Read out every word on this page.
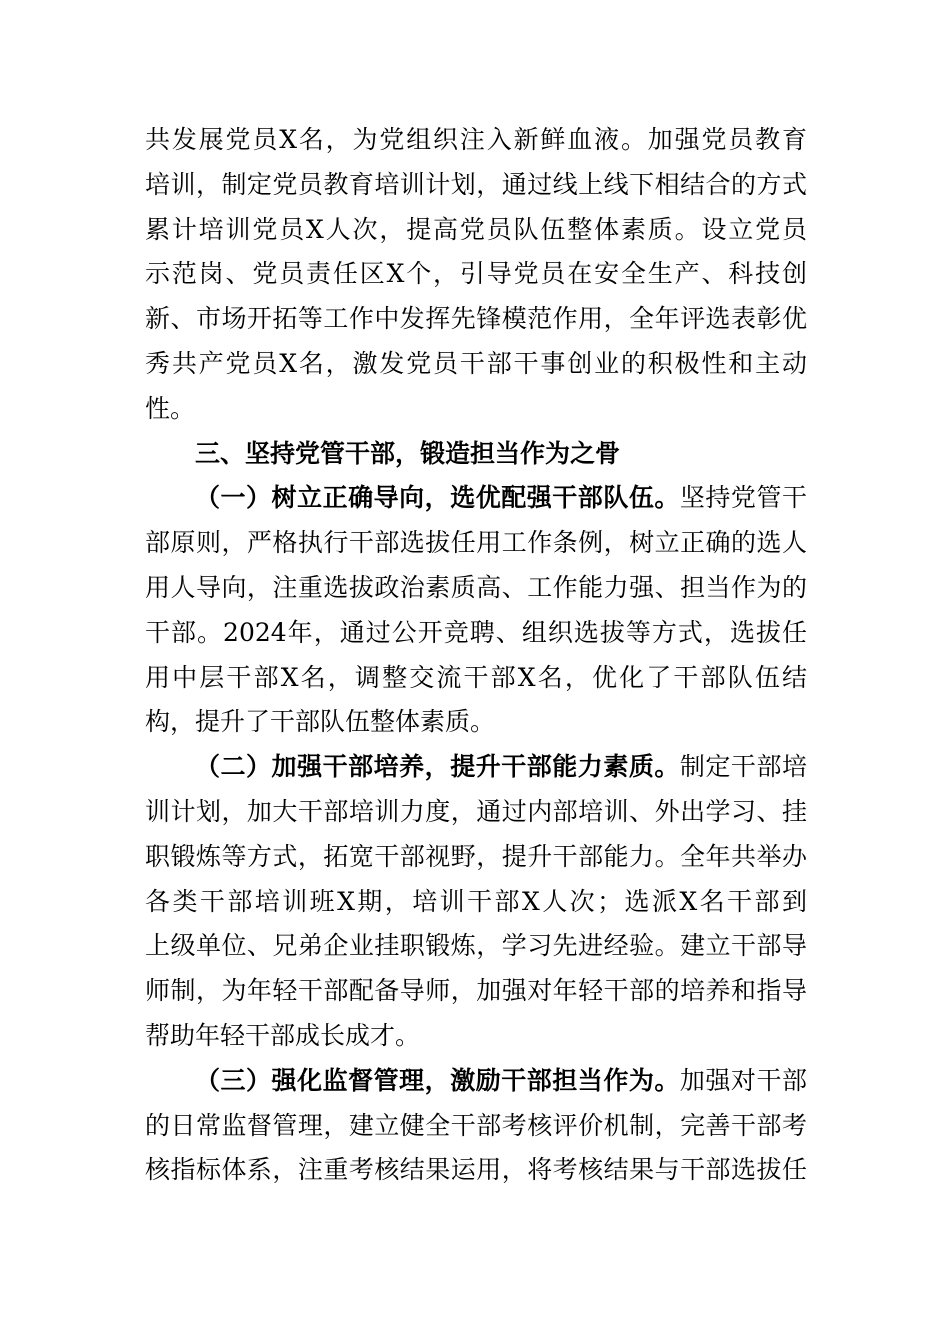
共发展党员X名，为党组织注入新鲜血液。加强党员教育
培训，制定党员教育培训计划，通过线上线下相结合的方式
累计培训党员X人次，提高党员队伍整体素质。设立党员
示范岗、党员责任区X个，引导党员在安全生产、科技创
新、市场开拓等工作中发挥先锋模范作用，全年评选表彰优
秀共产党员X名，激发党员干部干事创业的积极性和主动
性。
三、坚持党管干部，锻造担当作为之骨
（一）树立正确导向，选优配强干部队伍。坚持党管干
部原则，严格执行干部选拔任用工作条例，树立正确的选人
用人导向，注重选拔政治素质高、工作能力强、担当作为的
干部。2024年，通过公开竞聘、组织选拔等方式，选拔任
用中层干部X名，调整交流干部X名，优化了干部队伍结
构，提升了干部队伍整体素质。
（二）加强干部培养，提升干部能力素质。制定干部培
训计划，加大干部培训力度，通过内部培训、外出学习、挂
职锻炼等方式，拓宽干部视野，提升干部能力。全年共举办
各类干部培训班X期，培训干部X人次；选派X名干部到
上级单位、兄弟企业挂职锻炼，学习先进经验。建立干部导
师制，为年轻干部配备导师，加强对年轻干部的培养和指导
帮助年轻干部成长成才。
（三）强化监督管理，激励干部担当作为。加强对干部
的日常监督管理，建立健全干部考核评价机制，完善干部考
核指标体系，注重考核结果运用，将考核结果与干部选拔任
